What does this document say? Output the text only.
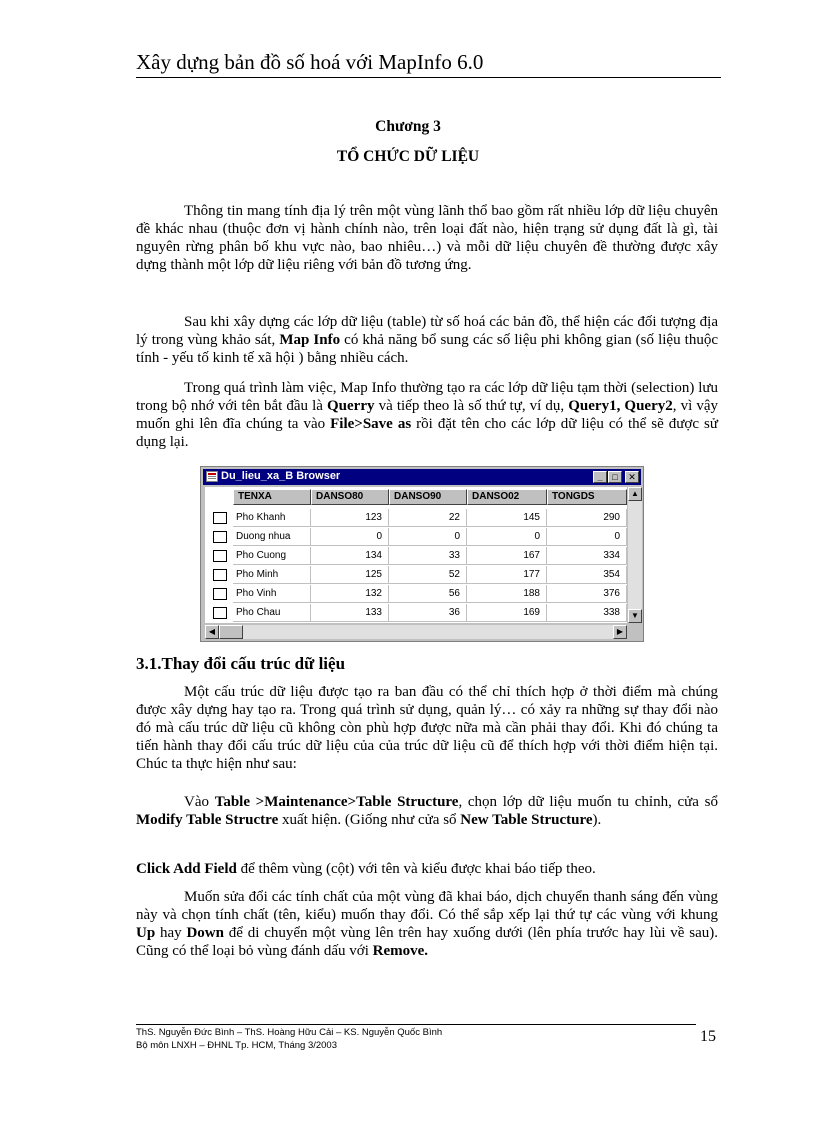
Xây dựng bản đồ số hoá với MapInfo 6.0
Chương 3
TỔ CHỨC DỮ LIỆU

Thông tin mang tính địa lý trên một vùng lãnh thổ bao gồm rất nhiều lớp dữ liệu chuyên đề khác nhau (thuộc đơn vị hành chính nào, trên loại đất nào, hiện trạng sử dụng đất là gì, tài nguyên rừng phân bố khu vực nào, bao nhiêu…) và mỗi dữ liệu chuyên đề thường được xây dựng thành một lớp dữ liệu riêng với bản đồ tương ứng.

Sau khi xây dựng các lớp dữ liệu (table) từ số hoá các bản đồ, thể hiện các đối tượng địa lý trong vùng khảo sát, Map Info có khả năng bổ sung các số liệu phi không gian (số liệu thuộc tính - yếu tố kinh tế xã hội ) bằng nhiều cách.

Trong quá trình làm việc, Map Info thường tạo ra các lớp dữ liệu tạm thời (selection) lưu trong bộ nhớ với tên bắt đầu là Querry và tiếp theo là số thứ tự, ví dụ, Query1, Query2, vì vậy muốn ghi lên đĩa chúng ta vào File>Save as rồi đặt tên cho các lớp dữ liệu có thể sẽ được sử dụng lại.

Du_lieu_xa_B Browser	_	□	✕
TENXA	DANSO80	DANSO90	DANSO02	TONGDS
Pho Khanh	123	22	145	290
Duong nhua	0	0	0	0
Pho Cuong	134	33	167	334
Pho Minh	125	52	177	354
Pho Vinh	132	56	188	376
Pho Chau	133	36	169	338
▲
▼
◀	▶
3.1.Thay đổi cấu trúc dữ liệu

Một cấu trúc dữ liệu được tạo ra ban đầu có thể chỉ thích hợp ở thời điểm mà chúng được xây dựng hay tạo ra. Trong quá trình sử dụng, quản lý… có xảy ra những sự thay đổi nào đó mà cấu trúc dữ liệu cũ không còn phù hợp được nữa mà cần phải thay đổi. Khi đó chúng ta tiến hành thay đổi cấu trúc dữ liệu của của trúc dữ liệu cũ để thích hợp với thời điểm hiện tại. Chúc ta thực hiện như sau:

Vào Table >Maintenance>Table Structure, chọn lớp dữ liệu muốn tu chỉnh, cửa sổ Modify Table Structre xuất hiện. (Giống như cửa sổ New Table Structure).

Click Add Field để thêm vùng (cột) với tên và kiểu được khai báo tiếp theo.

Muốn sửa đổi các tính chất của một vùng đã khai báo, dịch chuyển thanh sáng đến vùng này và chọn tính chất (tên, kiểu) muốn thay đổi. Có thể sắp xếp lại thứ tự các vùng với khung Up hay Down để di chuyển một vùng lên trên hay xuống dưới (lên phía trước hay lùi về sau). Cũng có thể loại bỏ vùng đánh dấu với Remove.

ThS. Nguyễn Đức Bình – ThS. Hoàng Hữu Cải – KS. Nguyễn Quốc Bình
Bộ môn LNXH – ĐHNL Tp. HCM, Tháng 3/2003
15
